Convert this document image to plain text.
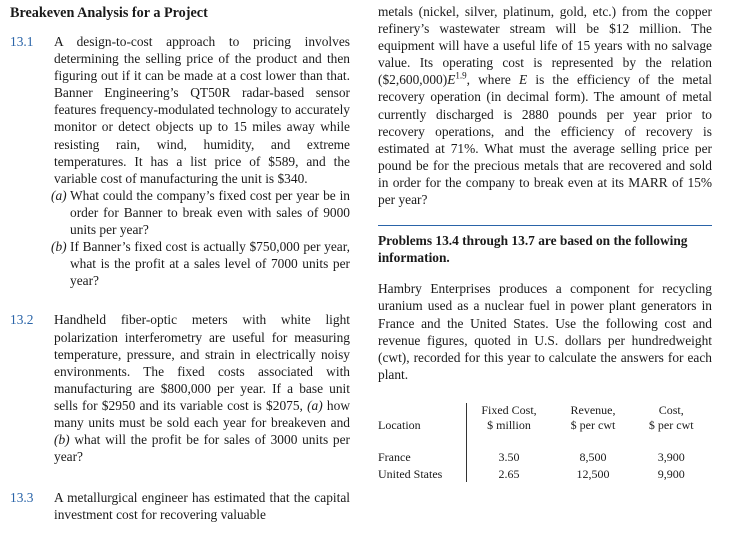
Breakeven Analysis for a Project
13.1	A design-to-cost approach to pricing involves determining the selling price of the product and then figuring out if it can be made at a cost lower than that. Banner Engineering’s QT50R radar-based sensor features frequency-modulated technology to accurately monitor or detect objects up to 15 miles away while resisting rain, wind, humidity, and extreme temperatures. It has a list price of $589, and the variable cost of manufacturing the unit is $340.
(a) What could the company’s fixed cost per year be in order for Banner to break even with sales of 9000 units per year?
(b) If Banner’s fixed cost is actually $750,000 per year, what is the profit at a sales level of 7000 units per year?
13.2	Handheld fiber-optic meters with white light polarization interferometry are useful for measuring temperature, pressure, and strain in electrically noisy environments. The fixed costs associated with manufacturing are $800,000 per year. If a base unit sells for $2950 and its variable cost is $2075, (a) how many units must be sold each year for breakeven and (b) what will the profit be for sales of 3000 units per year?
13.3	A metallurgical engineer has estimated that the capital investment cost for recovering valuable
metals (nickel, silver, platinum, gold, etc.) from the copper refinery’s wastewater stream will be $12 million. The equipment will have a useful life of 15 years with no salvage value. Its operating cost is represented by the relation $(\$2,600,000)E^{1.9}$, where E is the efficiency of the metal recovery operation (in decimal form). The amount of metal currently discharged is 2880 pounds per year prior to recovery operations, and the efficiency of recovery is estimated at 71%. What must the average selling price per pound be for the precious metals that are recovered and sold in order for the company to break even at its MARR of 15% per year?
Problems 13.4 through 13.7 are based on the following information.
Hambry Enterprises produces a component for recycling uranium used as a nuclear fuel in power plant generators in France and the United States. Use the following cost and revenue figures, quoted in U.S. dollars per hundredweight (cwt), recorded for this year to calculate the answers for each plant.
	Fixed Cost,	Revenue,	Cost,
Location	$ million	$ per cwt	$ per cwt
France	3.50	8,500	3,900
United States	2.65	12,500	9,900
